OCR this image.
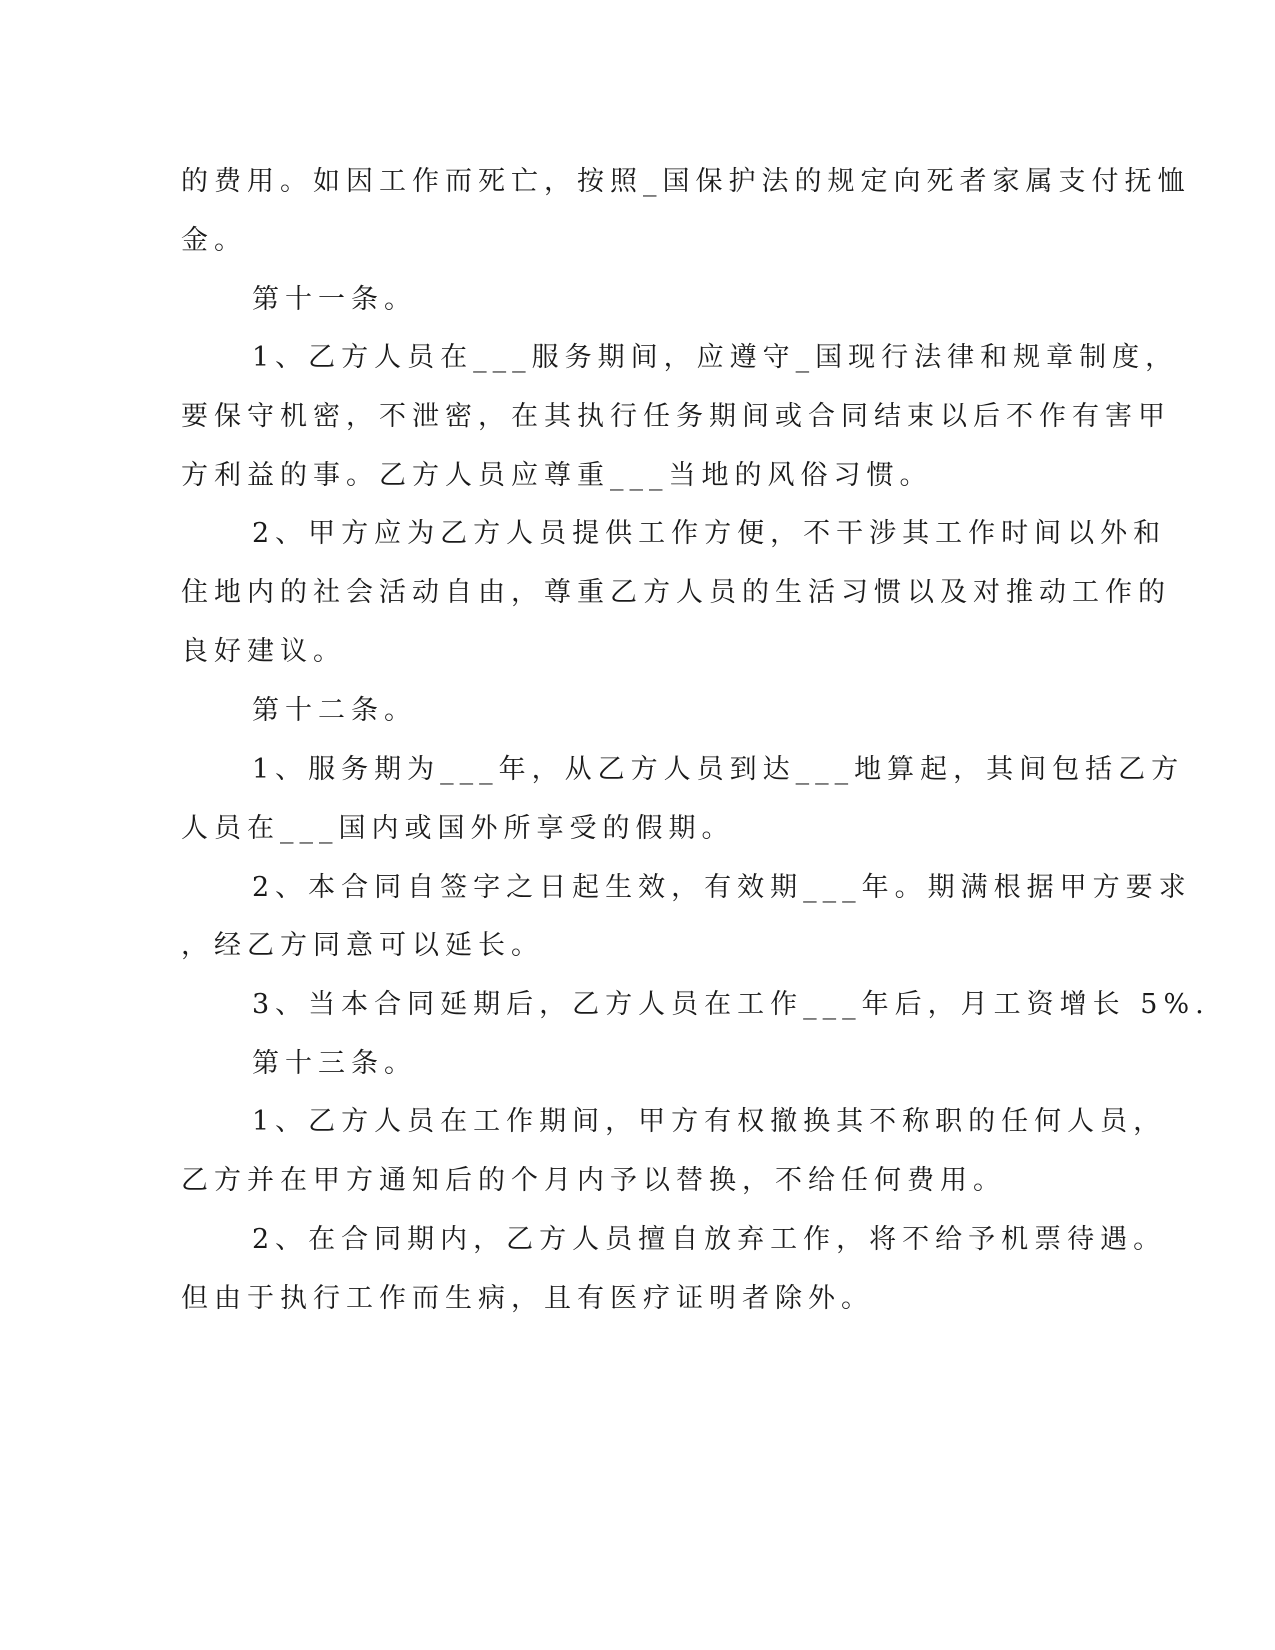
的费用。如因工作而死亡，按照_国保护法的规定向死者家属支付抚恤
金。
第十一条。
1、乙方人员在___服务期间，应遵守_国现行法律和规章制度，
要保守机密，不泄密，在其执行任务期间或合同结束以后不作有害甲
方利益的事。乙方人员应尊重___当地的风俗习惯。
2、甲方应为乙方人员提供工作方便，不干涉其工作时间以外和
住地内的社会活动自由，尊重乙方人员的生活习惯以及对推动工作的
良好建议。
第十二条。
1、服务期为___年，从乙方人员到达___地算起，其间包括乙方
人员在___国内或国外所享受的假期。
2、本合同自签字之日起生效，有效期___年。期满根据甲方要求
，经乙方同意可以延长。
3、当本合同延期后，乙方人员在工作___年后，月工资增长 5%.
第十三条。
1、乙方人员在工作期间，甲方有权撤换其不称职的任何人员，
乙方并在甲方通知后的个月内予以替换，不给任何费用。
2、在合同期内，乙方人员擅自放弃工作，将不给予机票待遇。
但由于执行工作而生病，且有医疗证明者除外。
